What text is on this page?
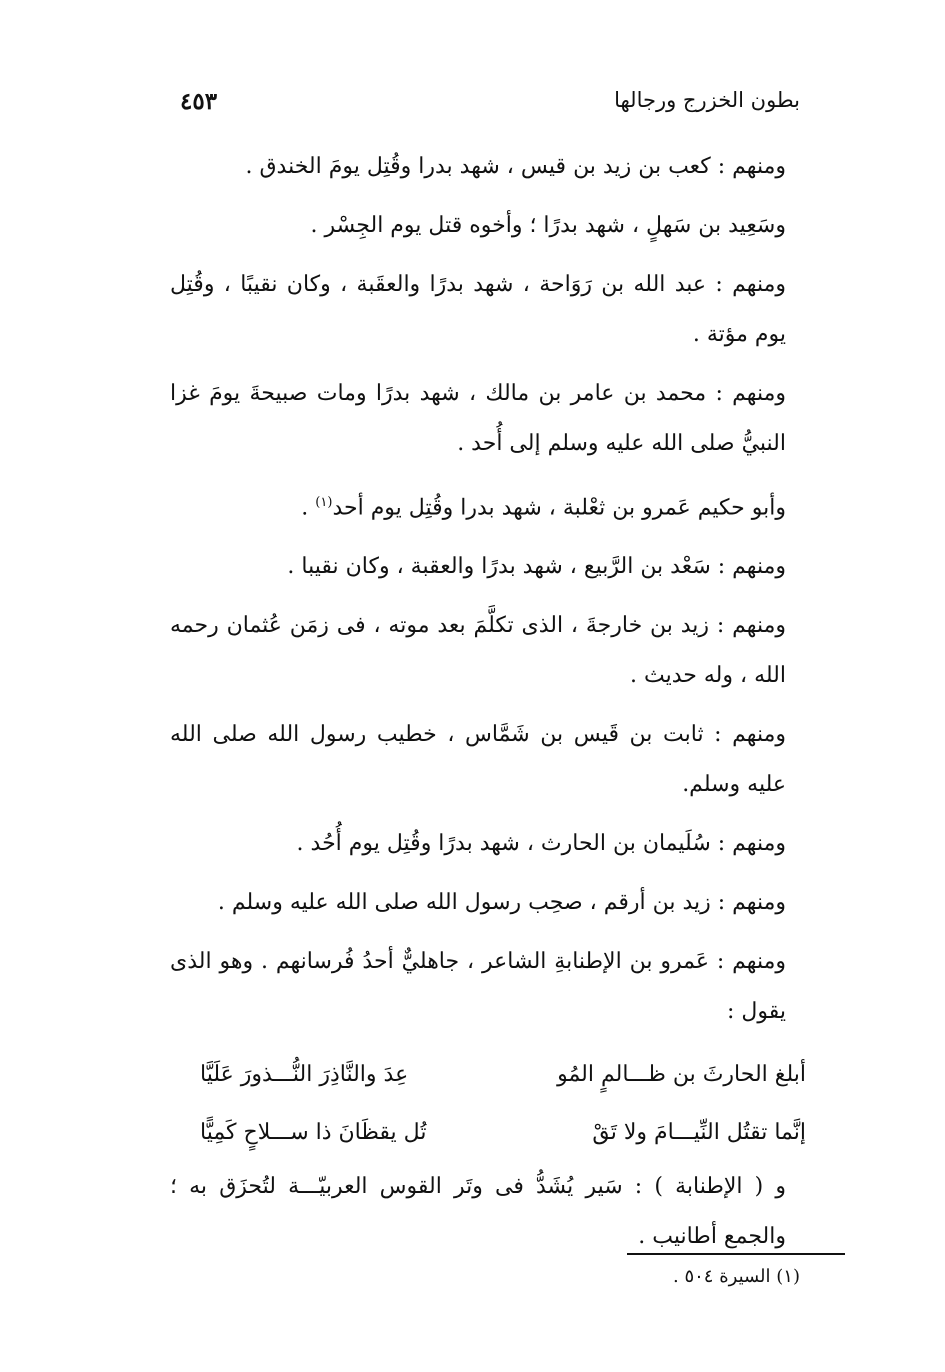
بطون الخزرج ورجالها
٤٥٣

ومنهم : كعب بن زيد بن قيس ، شهد بدرا وقُتِل يومَ الخندق .

وسَعِيد بن سَهلٍ ، شهد بدرًا ؛ وأخوه قتل يوم الجِسْر .

ومنهم : عبد الله بن رَوَاحة ، شهد بدرًا والعقَبة ، وكان نقيبًا ، وقُتِل يوم مؤتة .

ومنهم : محمد بن عامر بن مالك ، شهد بدرًا ومات صبيحةَ يومَ غزا النبيُّ صلى الله عليه وسلم إلى أُحد .

وأبو حكيم عَمرو بن ثعْلبة ، شهد بدرا وقُتِل يوم أحد$^{(١)}$ .

ومنهم : سَعْد بن الرَّبيع ، شهد بدرًا والعقبة ، وكان نقيبا .

ومنهم : زيد بن خارجةَ ، الذى تكلَّمَ بعد موته ، فى زمَن عُثمان رحمه الله ، وله حديث .

ومنهم : ثابت بن قَيس بن شَمَّاس ، خطيب رسول الله صلى الله عليه وسلم.

ومنهم : سُلَيمان بن الحارث ، شهد بدرًا وقُتِل يوم أُحُد .

ومنهم : زيد بن أرقم ، صحِب رسول الله صلى الله عليه وسلم .

ومنهم : عَمرو بن الإطنابةِ الشاعر ، جاهليٌّ أحدُ فُرسانهم . وهو الذى يقول :

أبلغ الحارثَ بن ظـــالمٍ المُو
عِدَ والنَّاذِرَ النُّـــذورَ عَلَيَّا
إنَّما تقتُل النِّيـــامَ ولا تَقْ
تُل يقظَانَ ذا ســـلاحٍ كَمِيًّا

و ( الإطنابة ) : سَير يُشَدُّ فى وتَر القوس العربيّـــة لتُحزَق به ؛ والجمع أطانيب .

(١) السيرة ٥٠٤ .
